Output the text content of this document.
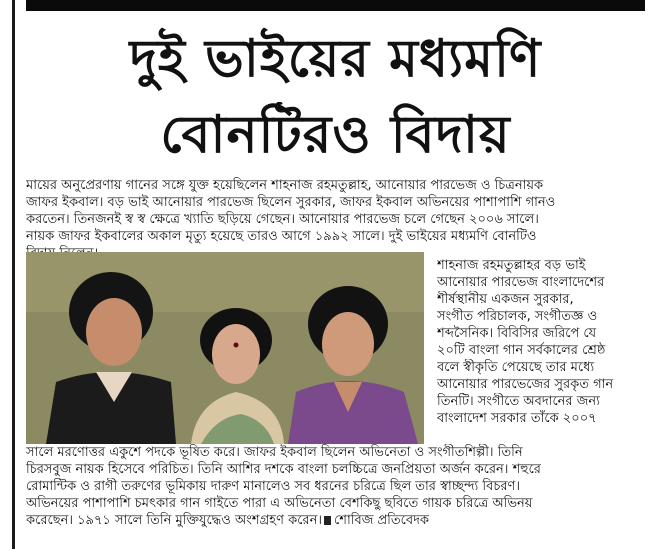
দুই ভাইয়ের মধ্যমণি
বোনটিরও বিদায়
মায়ের অনুপ্রেরণায় গানের সঙ্গে যুক্ত হয়েছিলেন শাহনাজ রহমতুল্লাহ, আনোয়ার পারভেজ ও চিত্রনায়ক
জাফর ইকবাল। বড় ভাই আনোয়ার পারভেজ ছিলেন সুরকার, জাফর ইকবাল অভিনয়ের পাশাপাশি গানও
করতেন। তিনজনই স্ব স্ব ক্ষেত্রে খ্যাতি ছড়িয়ে গেছেন। আনোয়ার পারভেজ চলে গেছেন ২০০৬ সালে।
নায়ক জাফর ইকবালের অকাল মৃত্যু হয়েছে তারও আগে ১৯৯২ সালে। দুই ভাইয়ের মধ্যমণি বোনটিও
শাহনাজ রহমতুল্লাহর বড় ভাই
আনোয়ার পারভেজ বাংলাদেশের
শীর্ষস্থানীয় একজন সুরকার,
সংগীত পরিচালক, সংগীতজ্ঞ ও
শব্দসৈনিক। বিবিসির জরিপে যে
২০টি বাংলা গান সর্বকালের শ্রেষ্ঠ
বলে স্বীকৃতি পেয়েছে তার মধ্যে
আনোয়ার পারভেজের সুরকৃত গান
তিনটি। সংগীতে অবদানের জন্য
বাংলাদেশ সরকার তাঁকে ২০০৭
সালে মরণোত্তর একুশে পদকে ভূষিত করে। জাফর ইকবাল ছিলেন অভিনেতা ও সংগীতশিল্পী। তিনি
চিরসবুজ নায়ক হিসেবে পরিচিত। তিনি আশির দশকে বাংলা চলচ্চিত্রে জনপ্রিয়তা অর্জন করেন। শহুরে
রোমান্টিক ও রাগী তরুণের ভূমিকায় দারুণ মানালেও সব ধরনের চরিত্রে ছিল তার স্বাচ্ছন্দ্য বিচরণ।
অভিনয়ের পাশাপাশি চমৎকার গান গাইতে পারা এ অভিনেতা বেশকিছু ছবিতে গায়ক চরিত্রে অভিনয়
করেছেন। ১৯৭১ সালে তিনি মুক্তিযুদ্ধেও অংশগ্রহণ করেন। শোবিজ প্রতিবেদক
